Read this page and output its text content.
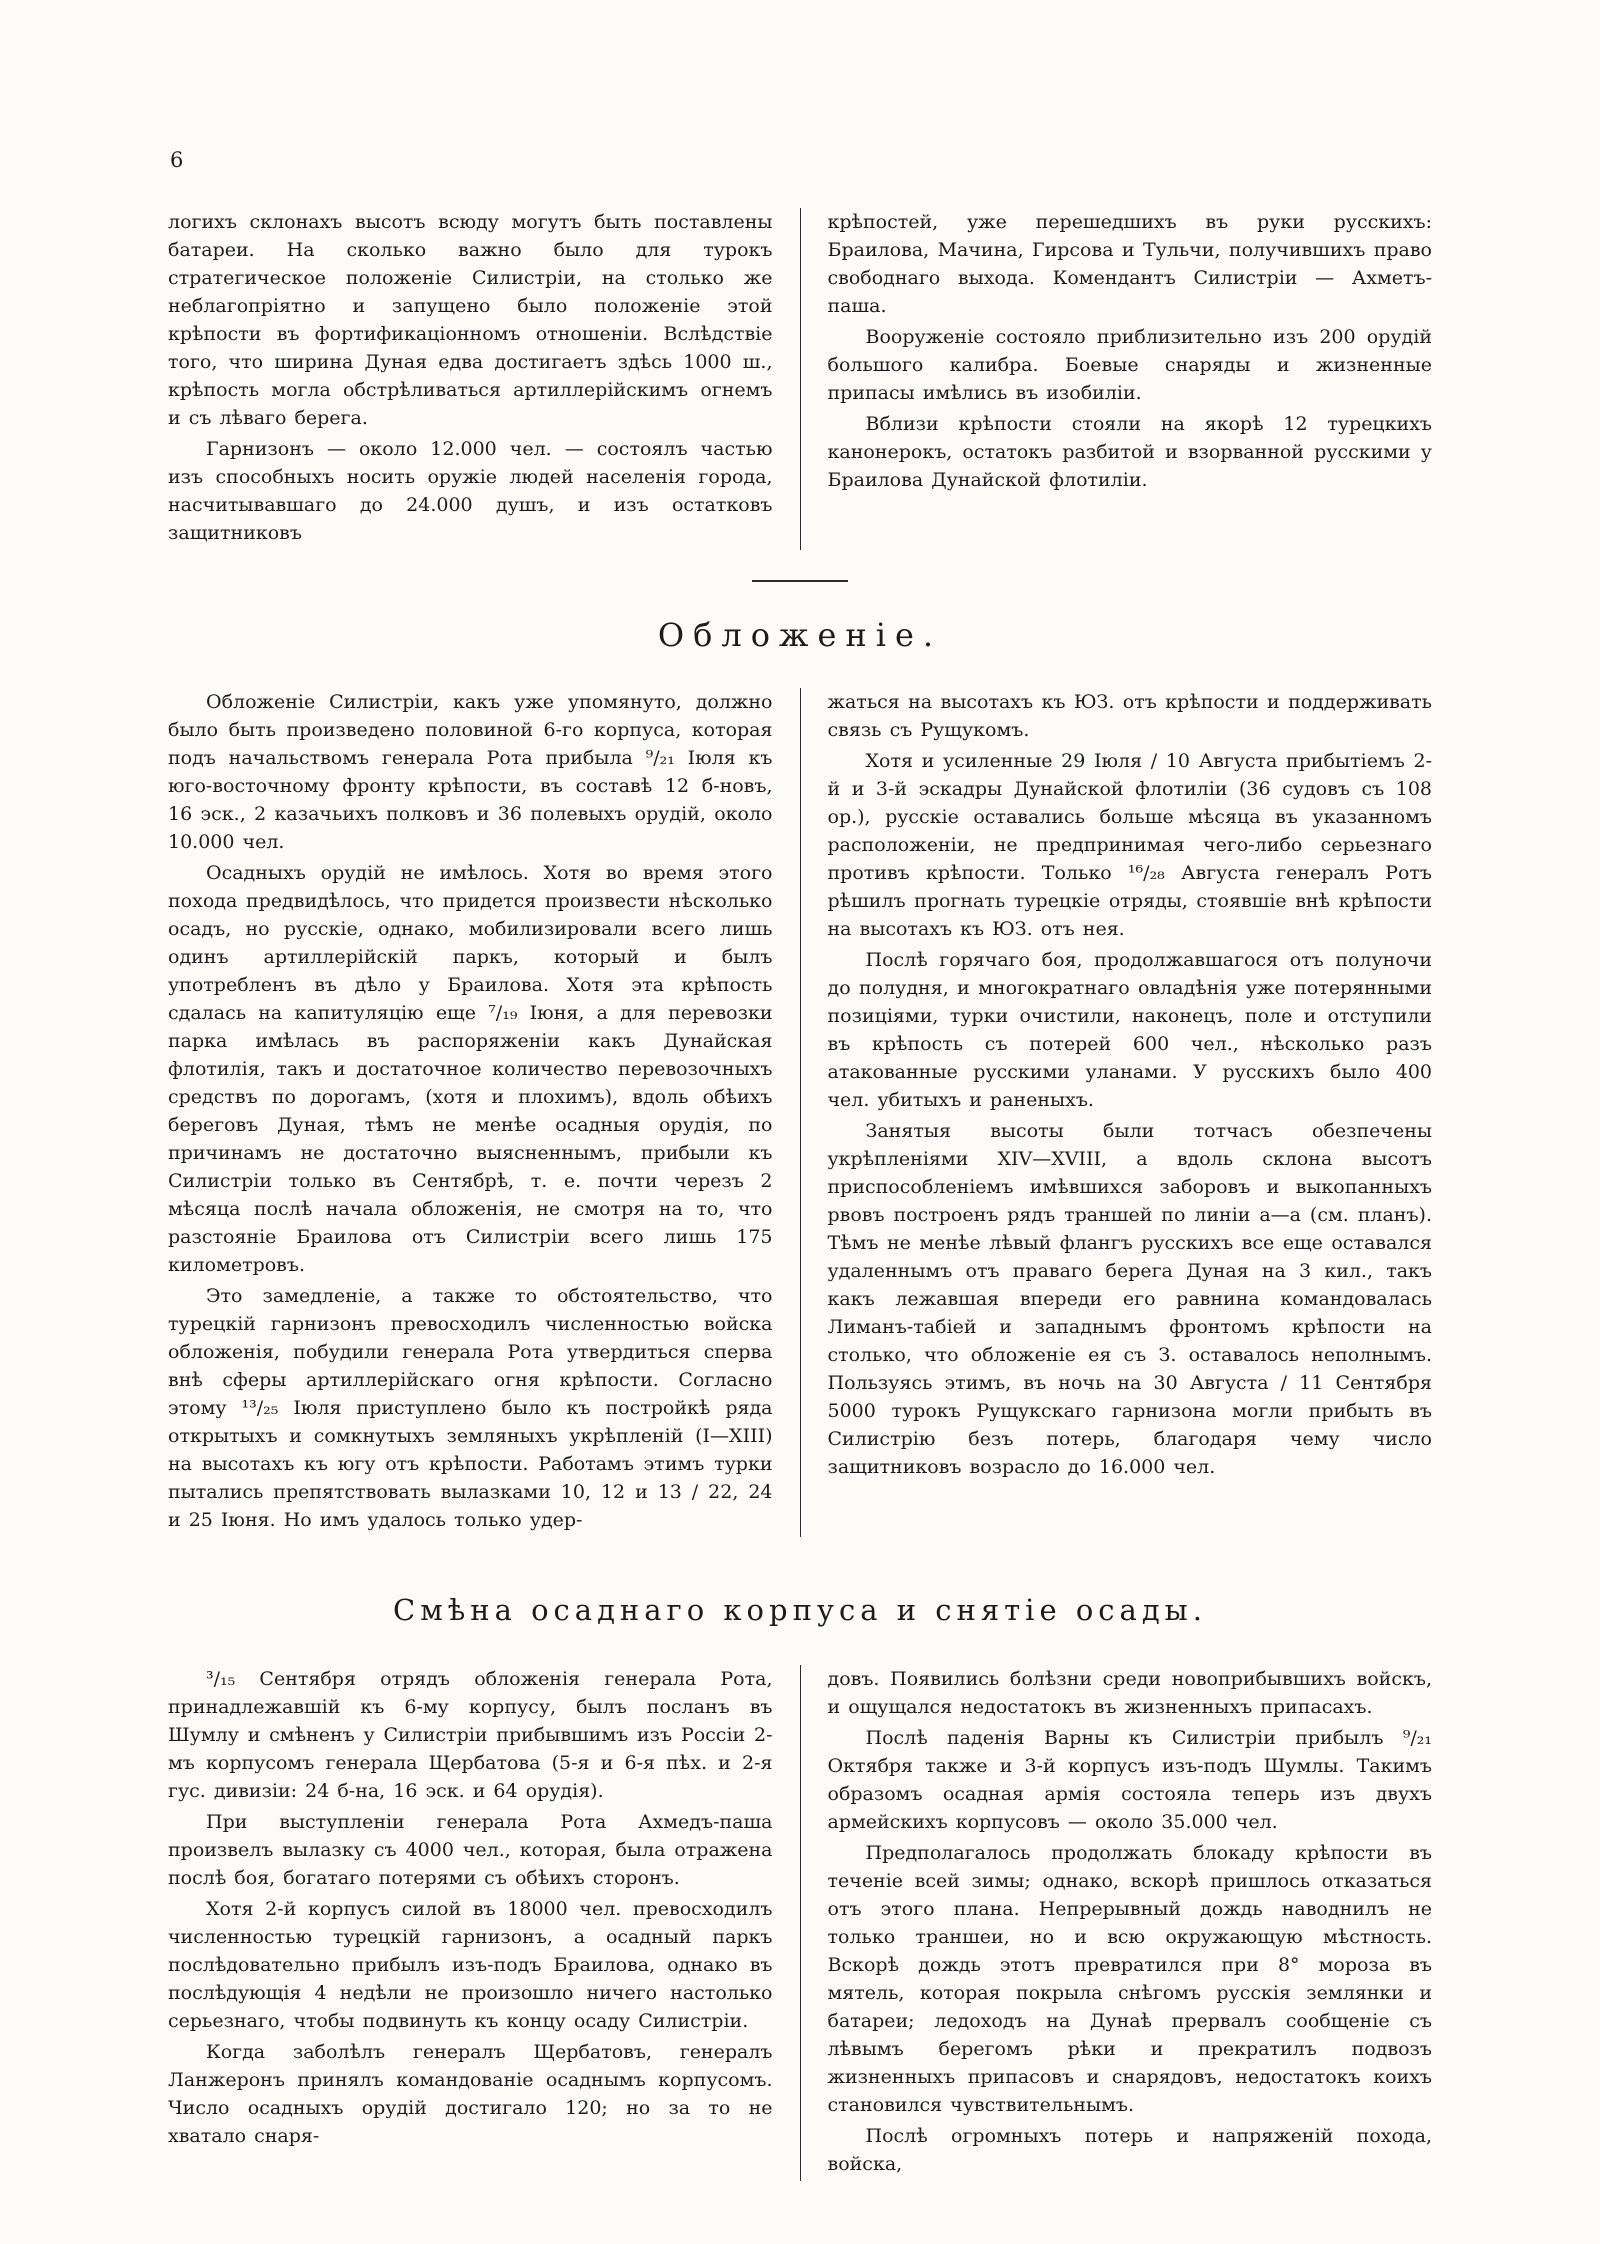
6

логихъ склонахъ высотъ всюду могутъ быть поставлены батареи. На сколько важно было для турокъ стратегическое положеніе Силистріи, на столько же неблагопріятно и запущено было положеніе этой крѣпости въ фортификаціонномъ отношеніи. Вслѣдствіе того, что ширина Дуная едва достигаетъ здѣсь 1000 ш., крѣпость могла обстрѣливаться артиллерійскимъ огнемъ и съ лѣваго берега.

Гарнизонъ — около 12.000 чел. — состоялъ частью изъ способныхъ носить оружіе людей населенія города, насчитывавшаго до 24.000 душъ, и изъ остатковъ защитниковъ

крѣпостей, уже перешедшихъ въ руки русскихъ: Браилова, Мачина, Гирсова и Тульчи, получившихъ право свободнаго выхода. Комендантъ Силистріи — Ахметъ-паша.

Вооруженіе состояло приблизительно изъ 200 орудій большого калибра. Боевые снаряды и жизненные припасы имѣлись въ изобиліи.

Вблизи крѣпости стояли на якорѣ 12 турецкихъ канонерокъ, остатокъ разбитой и взорванной русскими у Браилова Дунайской флотиліи.

Обложеніе.

Обложеніе Силистріи, какъ уже упомянуто, должно было быть произведено половиной 6-го корпуса, которая подъ начальствомъ генерала Рота прибыла ⁹/₂₁ Іюля къ юго-восточному фронту крѣпости, въ составѣ 12 б-новъ, 16 эск., 2 казачьихъ полковъ и 36 полевыхъ орудій, около 10.000 чел.

Осадныхъ орудій не имѣлось. Хотя во время этого похода предвидѣлось, что придется произвести нѣсколько осадъ, но русскіе, однако, мобилизировали всего лишь одинъ артиллерійскій паркъ, который и былъ употребленъ въ дѣло у Браилова. Хотя эта крѣпость сдалась на капитуляцію еще ⁷/₁₉ Іюня, а для перевозки парка имѣлась въ распоряженіи какъ Дунайская флотилія, такъ и достаточное количество перевозочныхъ средствъ по дорогамъ, (хотя и плохимъ), вдоль обѣихъ береговъ Дуная, тѣмъ не менѣе осадныя орудія, по причинамъ не достаточно выясненнымъ, прибыли къ Силистріи только въ Сентябрѣ, т. е. почти черезъ 2 мѣсяца послѣ начала обложенія, не смотря на то, что разстояніе Браилова отъ Силистріи всего лишь 175 километровъ.

Это замедленіе, а также то обстоятельство, что турецкій гарнизонъ превосходилъ численностью войска обложенія, побудили генерала Рота утвердиться сперва внѣ сферы артиллерійскаго огня крѣпости. Согласно этому ¹³/₂₅ Іюля приступлено было къ постройкѣ ряда открытыхъ и сомкнутыхъ земляныхъ укрѣпленій (I—XIII) на высотахъ къ югу отъ крѣпости. Работамъ этимъ турки пытались препятствовать вылазками 10, 12 и 13 / 22, 24 и 25 Іюня. Но имъ удалось только удер-

жаться на высотахъ къ ЮЗ. отъ крѣпости и поддерживать связь съ Рущукомъ.

Хотя и усиленные 29 Іюля / 10 Августа прибытіемъ 2-й и 3-й эскадры Дунайской флотиліи (36 судовъ съ 108 ор.), русскіе оставались больше мѣсяца въ указанномъ расположеніи, не предпринимая чего-либо серьезнаго противъ крѣпости. Только ¹⁶/₂₈ Августа генералъ Ротъ рѣшилъ прогнать турецкіе отряды, стоявшіе внѣ крѣпости на высотахъ къ ЮЗ. отъ нея.

Послѣ горячаго боя, продолжавшагося отъ полуночи до полудня, и многократнаго овладѣнія уже потерянными позиціями, турки очистили, наконецъ, поле и отступили въ крѣпость съ потерей 600 чел., нѣсколько разъ атакованные русскими уланами. У русскихъ было 400 чел. убитыхъ и раненыхъ.

Занятыя высоты были тотчасъ обезпечены укрѣпленіями XIV—XVIII, а вдоль склона высотъ приспособленіемъ имѣвшихся заборовъ и выкопанныхъ рвовъ построенъ рядъ траншей по линіи a—a (см. планъ). Тѣмъ не менѣе лѣвый флангъ русскихъ все еще оставался удаленнымъ отъ праваго берега Дуная на 3 кил., такъ какъ лежавшая впереди его равнина командовалась Лиманъ-табіей и западнымъ фронтомъ крѣпости на столько, что обложеніе ея съ З. оставалось неполнымъ. Пользуясь этимъ, въ ночь на 30 Августа / 11 Сентября 5000 турокъ Рущукскаго гарнизона могли прибыть въ Силистрію безъ потерь, благодаря чему число защитниковъ возрасло до 16.000 чел.

Смѣна осаднаго корпуса и снятіе осады.

³/₁₅ Сентября отрядъ обложенія генерала Рота, принадлежавшій къ 6-му корпусу, былъ посланъ въ Шумлу и смѣненъ у Силистріи прибывшимъ изъ Россіи 2-мъ корпусомъ генерала Щербатова (5-я и 6-я пѣх. и 2-я гус. дивизіи: 24 б-на, 16 эск. и 64 орудія).

При выступленіи генерала Рота Ахмедъ-паша произвелъ вылазку съ 4000 чел., которая, была отражена послѣ боя, богатаго потерями съ обѣихъ сторонъ.

Хотя 2-й корпусъ силой въ 18000 чел. превосходилъ численностью турецкій гарнизонъ, а осадный паркъ послѣдовательно прибылъ изъ-подъ Браилова, однако въ послѣдующія 4 недѣли не произошло ничего настолько серьезнаго, чтобы подвинуть къ концу осаду Силистріи.

Когда заболѣлъ генералъ Щербатовъ, генералъ Ланжеронъ принялъ командованіе осаднымъ корпусомъ. Число осадныхъ орудій достигало 120; но за то не хватало снаря-

довъ. Появились болѣзни среди новоприбывшихъ войскъ, и ощущался недостатокъ въ жизненныхъ припасахъ.

Послѣ паденія Варны къ Силистріи прибылъ ⁹/₂₁ Октября также и 3-й корпусъ изъ-подъ Шумлы. Такимъ образомъ осадная армія состояла теперь изъ двухъ армейскихъ корпусовъ — около 35.000 чел.

Предполагалось продолжать блокаду крѣпости въ теченіе всей зимы; однако, вскорѣ пришлось отказаться отъ этого плана. Непрерывный дождь наводнилъ не только траншеи, но и всю окружающую мѣстность. Вскорѣ дождь этотъ превратился при 8° мороза въ мятель, которая покрыла снѣгомъ русскія землянки и батареи; ледоходъ на Дунаѣ прервалъ сообщеніе съ лѣвымъ берегомъ рѣки и прекратилъ подвозъ жизненныхъ припасовъ и снарядовъ, недостатокъ коихъ становился чувствительнымъ.

Послѣ огромныхъ потерь и напряженій похода, войска,
